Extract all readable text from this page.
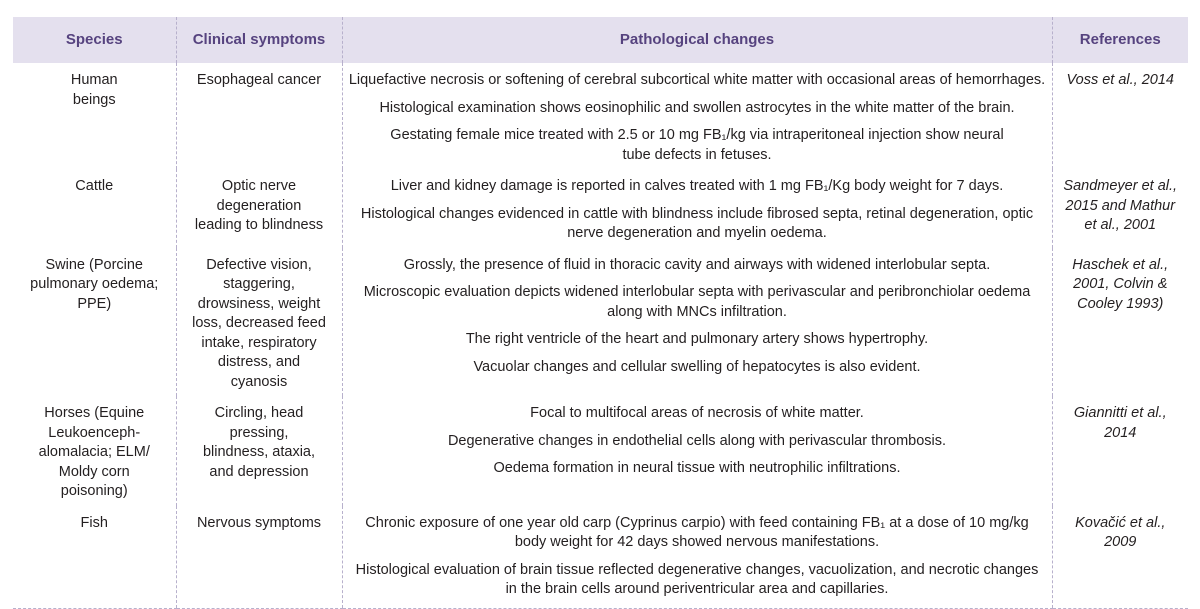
Species	Clinical symptoms	Pathological changes	References

Human beings	Esophageal cancer	Liquefactive necrosis or softening of cerebral subcortical white matter with occasional areas of hemorrhages.

Histological examination shows eosinophilic and swollen astrocytes in the white matter of the brain.

Gestating female mice treated with 2.5 or 10 mg FB₁/kg via intraperitoneal injection show neural tube defects in fetuses.	Voss et al., 2014
Cattle	Optic nerve degeneration leading to blindness	Liver and kidney damage is reported in calves treated with 1 mg FB₁/Kg body weight for 7 days.

Histological changes evidenced in cattle with blindness include fibrosed septa, retinal degeneration, optic nerve degeneration and myelin oedema.	Sandmeyer et al., 2015 and Mathur et al., 2001
Swine (Porcine pulmonary oedema; PPE)	Defective vision, staggering, drowsiness, weight loss, decreased feed intake, respiratory distress, and cyanosis	Grossly, the presence of fluid in thoracic cavity and airways with widened interlobular septa.

Microscopic evaluation depicts widened interlobular septa with perivascular and peribronchiolar oedema along with MNCs infiltration.

The right ventricle of the heart and pulmonary artery shows hypertrophy.

Vacuolar changes and cellular swelling of hepatocytes is also evident.	Haschek et al., 2001, Colvin & Cooley 1993)
Horses (Equine Leukoenceph-alomalacia; ELM/ Moldy corn poisoning)	Circling, head pressing, blindness, ataxia, and depression	Focal to multifocal areas of necrosis of white matter.

Degenerative changes in endothelial cells along with perivascular thrombosis.

Oedema formation in neural tissue with neutrophilic infiltrations.	Giannitti et al., 2014
Fish	Nervous symptoms	Chronic exposure of one year old carp (Cyprinus carpio) with feed containing FB₁ at a dose of 10 mg/kg body weight for 42 days showed nervous manifestations.

Histological evaluation of brain tissue reflected degenerative changes, vacuolization, and necrotic changes in the brain cells around periventricular area and capillaries.	Kovačić et al., 2009
